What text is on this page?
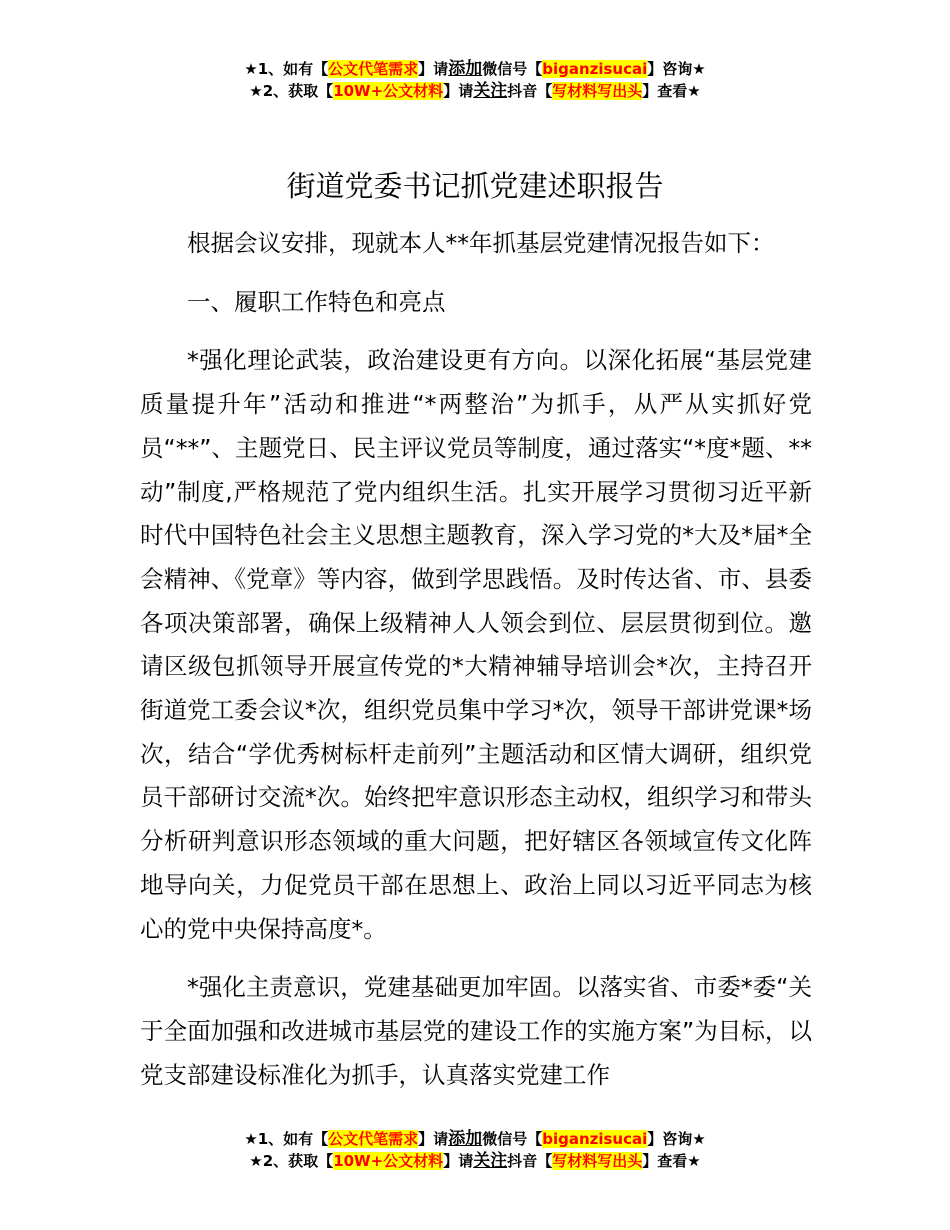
★1、如有【公文代笔需求】请添加微信号【biganzisucai】咨询★
★2、获取【10W+公文材料】请关注抖音【写材料写出头】查看★
街道党委书记抓党建述职报告

根据会议安排，现就本人**年抓基层党建情况报告如下：

一、履职工作特色和亮点

*强化理论武装，政治建设更有方向。以深化拓展“基层党建质量提升年”活动和推进“*两整治”为抓手，从严从实抓好党员“**”、主题党日、民主评议党员等制度，通过落实“*度*题、**动”制度,严格规范了党内组织生活。扎实开展学习贯彻习近平新时代中国特色社会主义思想主题教育，深入学习党的*大及*届*全会精神、《党章》等内容，做到学思践悟。及时传达省、市、县委各项决策部署，确保上级精神人人领会到位、层层贯彻到位。邀请区级包抓领导开展宣传党的*大精神辅导培训会*次，主持召开街道党工委会议*次，组织党员集中学习*次，领导干部讲党课*场次，结合“学优秀树标杆走前列”主题活动和区情大调研，组织党员干部研讨交流*次。始终把牢意识形态主动权，组织学习和带头分析研判意识形态领域的重大问题，把好辖区各领域宣传文化阵地导向关，力促党员干部在思想上、政治上同以习近平同志为核心的党中央保持高度*。

*强化主责意识，党建基础更加牢固。以落实省、市委*委“关于全面加强和改进城市基层党的建设工作的实施方案”为目标，以党支部建设标准化为抓手，认真落实党建工作

★1、如有【公文代笔需求】请添加微信号【biganzisucai】咨询★
★2、获取【10W+公文材料】请关注抖音【写材料写出头】查看★
